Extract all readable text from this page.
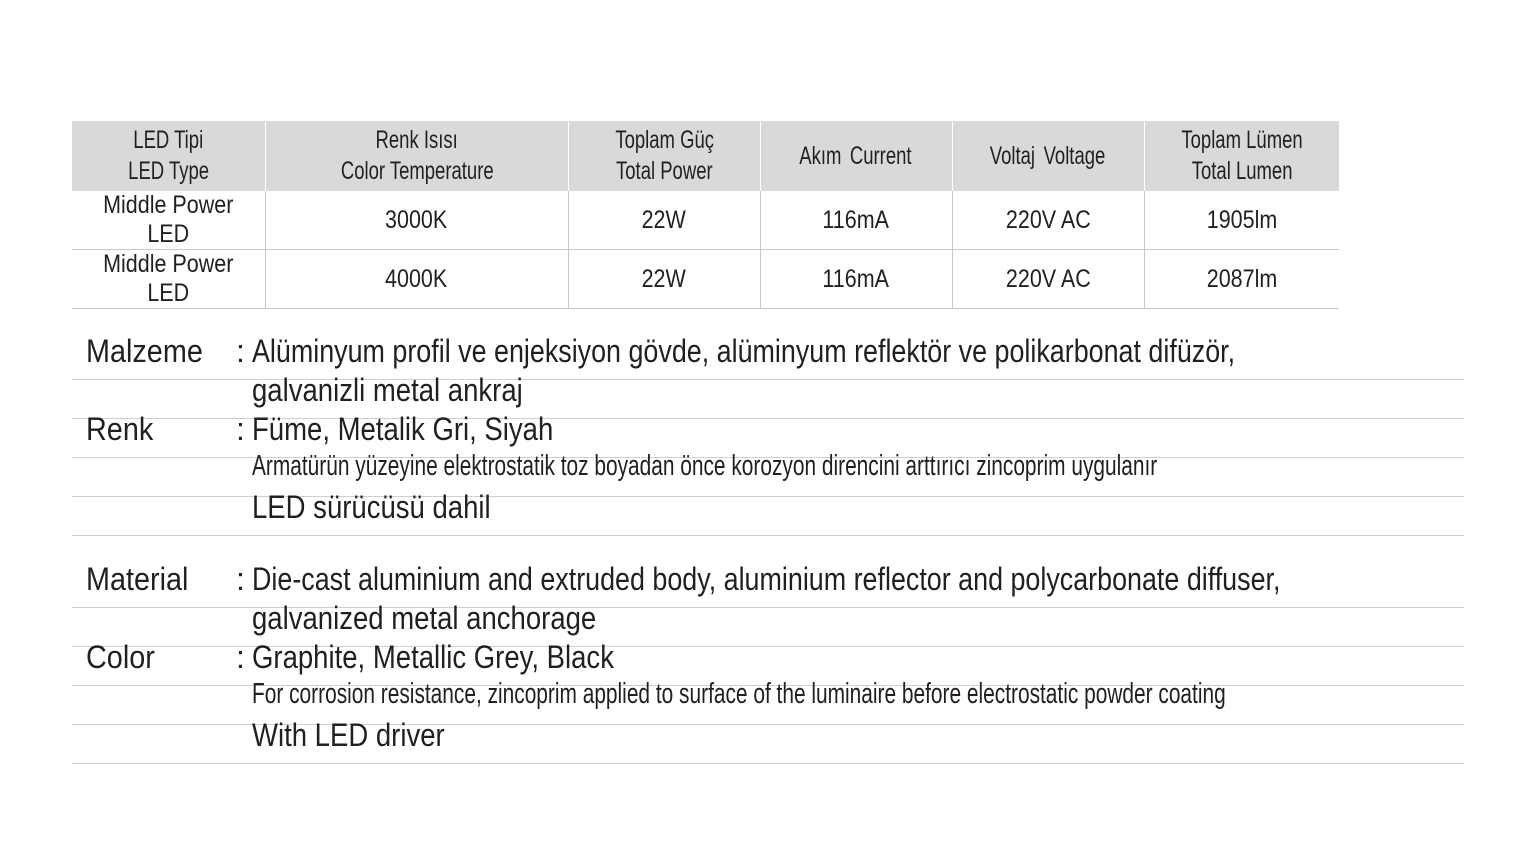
LED TipiLED Type	Renk IsısıColor Temperature	Toplam GüçTotal Power	Akım Current	Voltaj Voltage	Toplam LümenTotal Lumen
Middle Power LED	3000K	22W	116mA	220V AC	1905lm
Middle Power LED	4000K	22W	116mA	220V AC	2087lm
Malzeme : Alüminyum profil ve enjeksiyon gövde, alüminyum reflektör ve polikarbonat difüzör,
galvanizli metal ankraj
Renk	: Füme, Metalik Gri, Siyah
Armatürün yüzeyine elektrostatik toz boyadan önce korozyon direncini arttırıcı zincoprim uygulanır
LED sürücüsü dahil
Material : Die-cast aluminium and extruded body, aluminium reflector and polycarbonate diffuser,
galvanized metal anchorage
Color	: Graphite, Metallic Grey, Black
For corrosion resistance, zincoprim applied to surface of the luminaire before electrostatic powder coating
With LED driver
